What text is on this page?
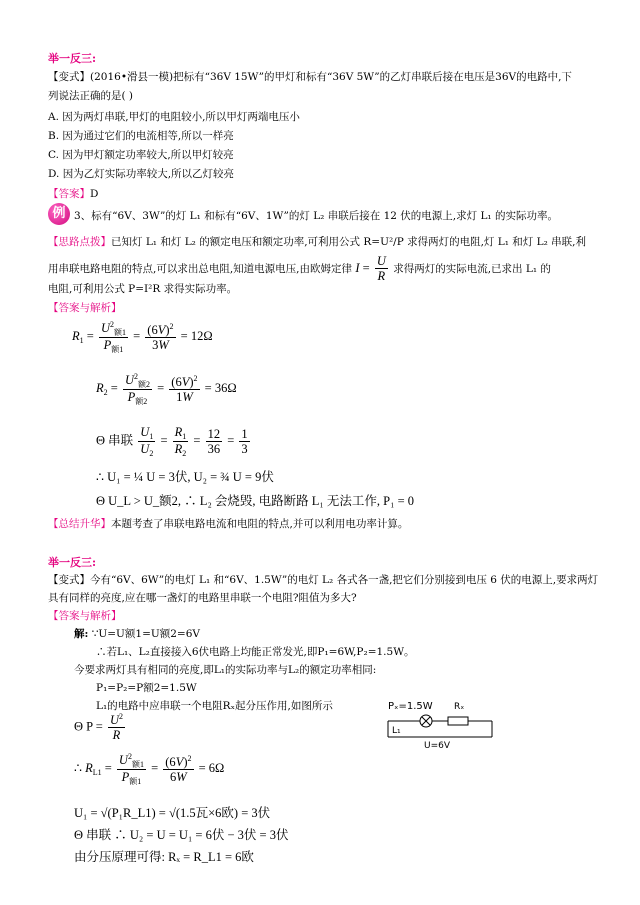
举一反三:
【变式】(2016•滑县一模)把标有“36V 15W”的甲灯和标有“36V 5W”的乙灯串联后接在电压是36V的电路中,下
列说法正确的是( )
A. 因为两灯串联,甲灯的电阻较小,所以甲灯两端电压小
B. 因为通过它们的电流相等,所以一样亮
C. 因为甲灯额定功率较大,所以甲灯较亮
D. 因为乙灯实际功率较大,所以乙灯较亮
【答案】D
例 3、标有“6V、3W”的灯 L₁ 和标有“6V、1W”的灯 L₂ 串联后接在 12 伏的电源上,求灯 L₁ 的实际功率。
【思路点拨】已知灯 L₁ 和灯 L₂ 的额定电压和额定功率,可利用公式 R=U²/P 求得两灯的电阻,灯 L₁ 和灯 L₂ 串联,利
用串联电路电阻的特点,可以求出总电阻,知道电源电压,由欧姆定律 $I = \frac{U}{R}$ 求得两灯的实际电流,已求出 L₁ 的
电阻,可利用公式 P=I²R 求得实际功率。
【答案与解析】
$R_1 = \frac{U^2_{额1}}{P_{额1}} = \frac{(6V)^2}{3W} = 12\Omega$
$R_2 = \frac{U^2_{额2}}{P_{额2}} = \frac{(6V)^2}{1W} = 36\Omega$
Θ 串联 $\frac{U_1}{U_2} = \frac{R_1}{R_2} = \frac{12}{36} = \frac{1}{3}$
∴ U₁ = ¼ U = 3伏, U₂ = ¾ U = 9伏
Θ U_L > U_额2, ∴ L₂ 会烧毁, 电路断路 L₁ 无法工作, P₁ = 0
【总结升华】本题考查了串联电路电流和电阻的特点,并可以利用电功率计算。
举一反三:
【变式】今有“6V、6W”的电灯 L₁ 和“6V、1.5W”的电灯 L₂ 各式各一盏,把它们分别接到电压 6 伏的电源上,要求两灯
具有同样的亮度,应在哪一盏灯的电路里串联一个电阻?阻值为多大?
【答案与解析】
解: ∵U=U额1=U额2=6V
∴若L₁、L₂直接接入6伏电路上均能正常发光,即P₁=6W,P₂=1.5W。
今要求两灯具有相同的亮度,即L₁的实际功率与L₂的额定功率相同:
P₁=P₂=P额2=1.5W
L₁的电路中应串联一个电阻Rₓ起分压作用,如图所示
Θ $P = \frac{U^2}{R}$
∴ $R_{L1} = \frac{U^2_{额1}}{P_{额1}} = \frac{(6V)^2}{6W} = 6\Omega$
U₁ = √(P₁R_L1) = √(1.5瓦×6欧) = 3伏
Θ 串联 ∴ U₂ = U = U₁ = 6伏 − 3伏 = 3伏
由分压原理可得: Rₓ = R_L1 = 6欧
Pₓ=1.5W Rₓ
L₁
U=6V
